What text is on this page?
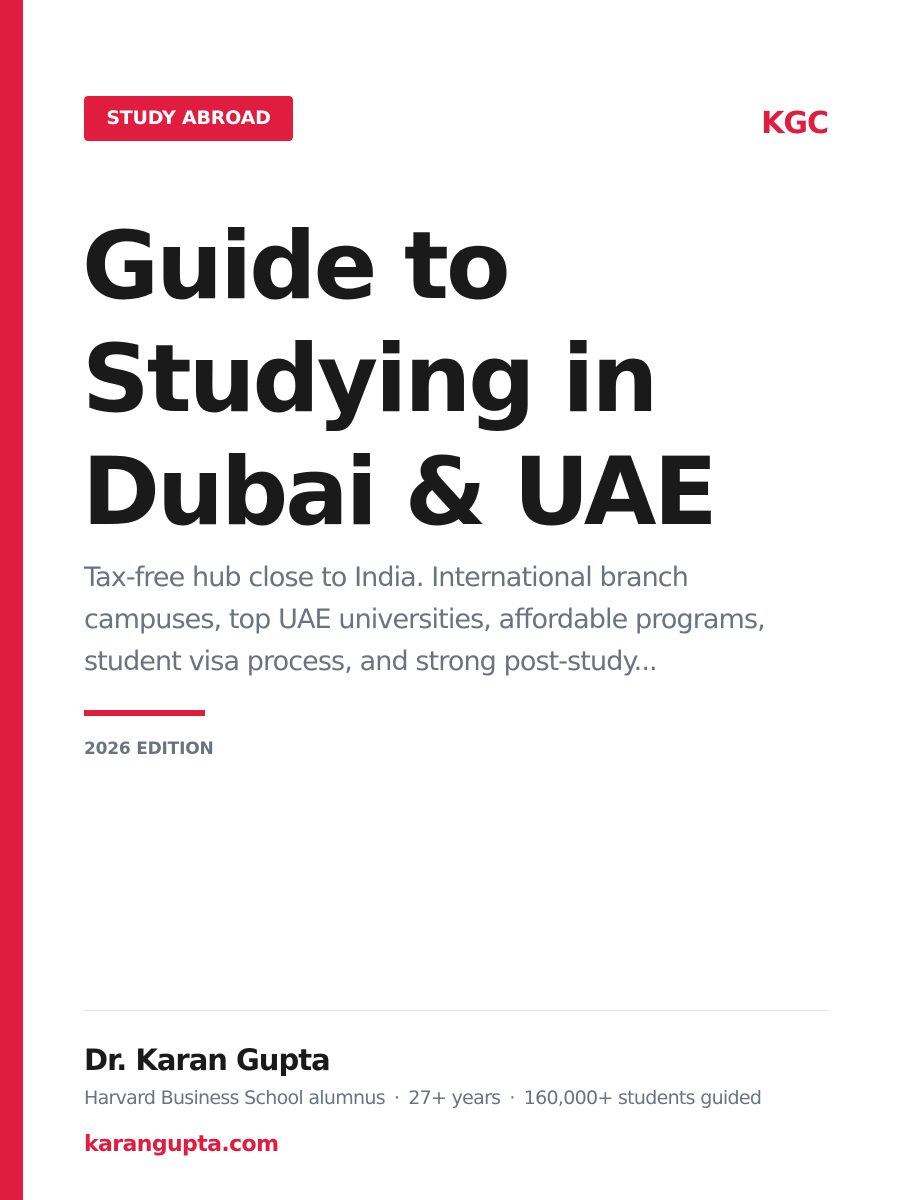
STUDY ABROAD	KGC
Guide to
Studying in
Dubai & UAE

Tax-free hub close to India. International branch
campuses, top UAE universities, affordable programs,
student visa process, and strong post-study...

2026 EDITION
Dr. Karan Gupta
Harvard Business School alumnus · 27+ years · 160,000+ students guided
karangupta.com
